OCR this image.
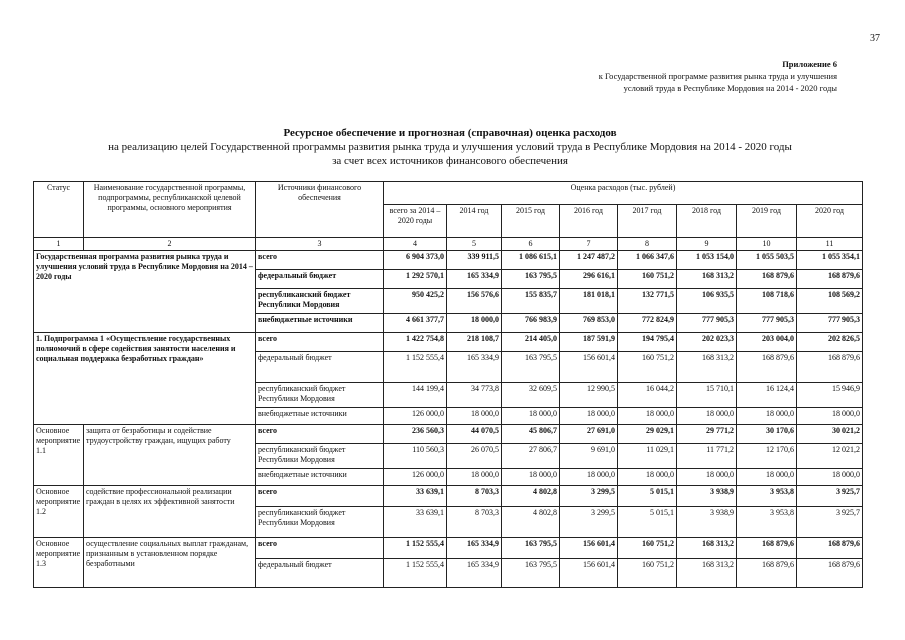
37
Приложение 6
к Государственной программе развития рынка труда и улучшения
условий труда в Республике Мордовия на 2014 - 2020 годы
Ресурсное обеспечение и прогнозная (справочная) оценка расходов
на реализацию целей Государственной программы развития рынка труда и улучшения условий труда в Республике Мордовия на 2014 - 2020 годы
за счет всех источников финансового обеспечения
Статус	Наименование государственной программы, подпрограммы, республиканской целевой программы, основного мероприятия	Источники финансового обеспечения	Оценка расходов (тыс. рублей)							
			всего за 2014 – 2020 годы	2014 год	2015 год	2016 год	2017 год	2018 год	2019 год	2020 год
1	2	3	4	5	6	7	8	9	10	11
Государственная программа развития рынка труда и улучшения условий труда в Республике Мордовия на 2014 – 2020 годы		всего	6 904 373,0	339 911,5	1 086 615,1	1 247 487,2	1 066 347,6	1 053 154,0	1 055 503,5	1 055 354,1
		федеральный бюджет	1 292 570,1	165 334,9	163 795,5	296 616,1	160 751,2	168 313,2	168 879,6	168 879,6
		республиканский бюджет Республики Мордовия	950 425,2	156 576,6	155 835,7	181 018,1	132 771,5	106 935,5	108 718,6	108 569,2
		внебюджетные источники	4 661 377,7	18 000,0	766 983,9	769 853,0	772 824,9	777 905,3	777 905,3	777 905,3
1. Подпрограмма 1 «Осуществление государственных полномочий в сфере содействия занятости населения и социальная поддержка безработных граждан»		всего	1 422 754,8	218 108,7	214 405,0	187 591,9	194 795,4	202 023,3	203 004,0	202 826,5
		федеральный бюджет	1 152 555,4	165 334,9	163 795,5	156 601,4	160 751,2	168 313,2	168 879,6	168 879,6
		республиканский бюджет Республики Мордовия	144 199,4	34 773,8	32 609,5	12 990,5	16 044,2	15 710,1	16 124,4	15 946,9
		внебюджетные источники	126 000,0	18 000,0	18 000,0	18 000,0	18 000,0	18 000,0	18 000,0	18 000,0
Основное мероприятие 1.1	защита от безработицы и содействие трудоустройству граждан, ищущих работу	всего	236 560,3	44 070,5	45 806,7	27 691,0	29 029,1	29 771,2	30 170,6	30 021,2
		республиканский бюджет Республики Мордовия	110 560,3	26 070,5	27 806,7	9 691,0	11 029,1	11 771,2	12 170,6	12 021,2
		внебюджетные источники	126 000,0	18 000,0	18 000,0	18 000,0	18 000,0	18 000,0	18 000,0	18 000,0
Основное мероприятие 1.2	содействие профессиональной реализации граждан в целях их эффективной занятости	всего	33 639,1	8 703,3	4 802,8	3 299,5	5 015,1	3 938,9	3 953,8	3 925,7
		республиканский бюджет Республики Мордовия	33 639,1	8 703,3	4 802,8	3 299,5	5 015,1	3 938,9	3 953,8	3 925,7
Основное мероприятие 1.3	осуществление социальных выплат гражданам, признанным в установленном порядке безработными	всего	1 152 555,4	165 334,9	163 795,5	156 601,4	160 751,2	168 313,2	168 879,6	168 879,6
		федеральный бюджет	1 152 555,4	165 334,9	163 795,5	156 601,4	160 751,2	168 313,2	168 879,6	168 879,6
